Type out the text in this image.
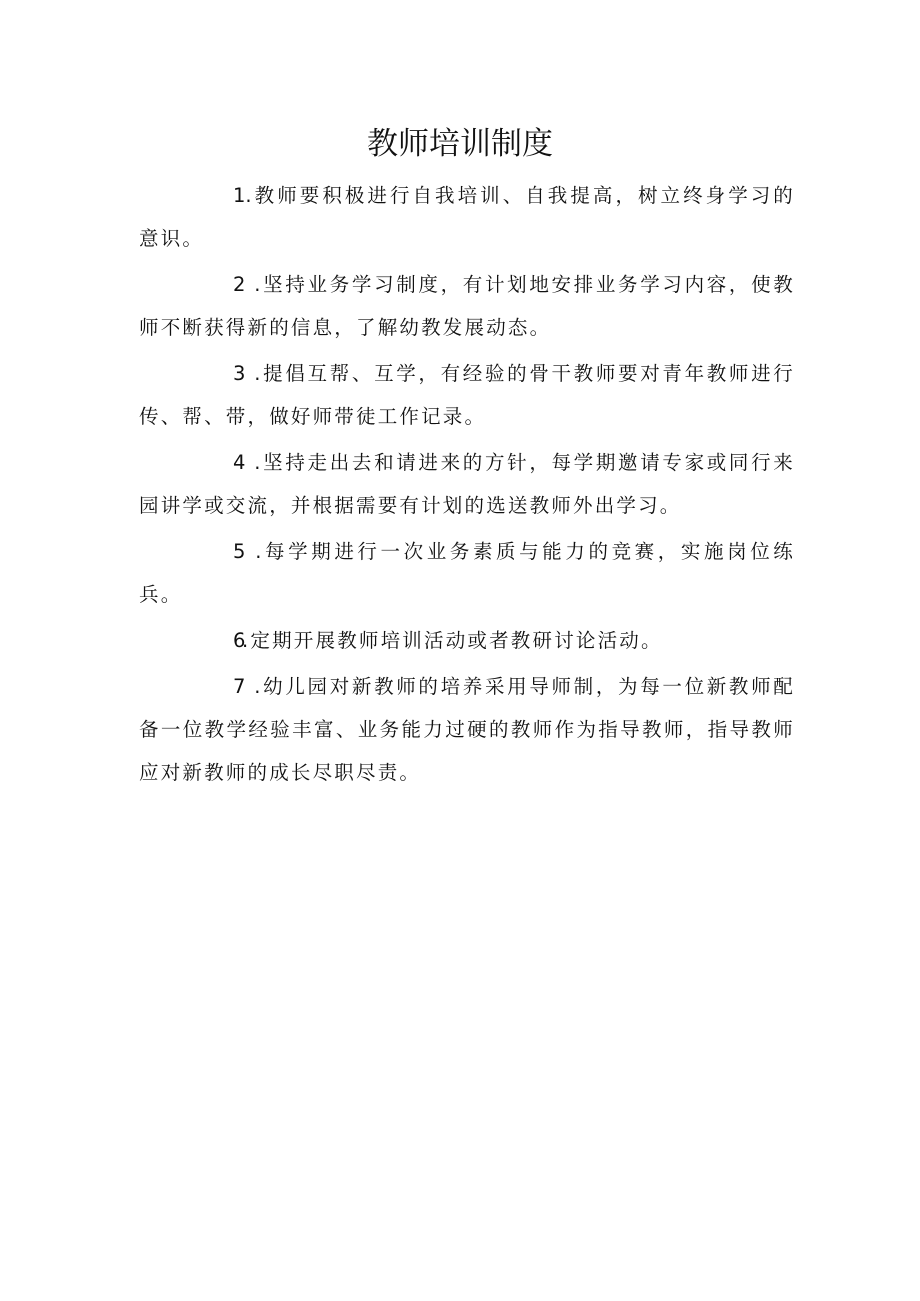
教师培训制度

1.教师要积极进行自我培训、自我提高，树立终身学习的意识。

2 .坚持业务学习制度，有计划地安排业务学习内容，使教师不断获得新的信息，了解幼教发展动态。

3 .提倡互帮、互学，有经验的骨干教师要对青年教师进行传、帮、带，做好师带徒工作记录。

4 .坚持走出去和请进来的方针，每学期邀请专家或同行来园讲学或交流，并根据需要有计划的选送教师外出学习。

5 .每学期进行一次业务素质与能力的竞赛，实施岗位练兵。

6.定期开展教师培训活动或者教研讨论活动。

7 .幼儿园对新教师的培养采用导师制，为每一位新教师配备一位教学经验丰富、业务能力过硬的教师作为指导教师，指导教师应对新教师的成长尽职尽责。
